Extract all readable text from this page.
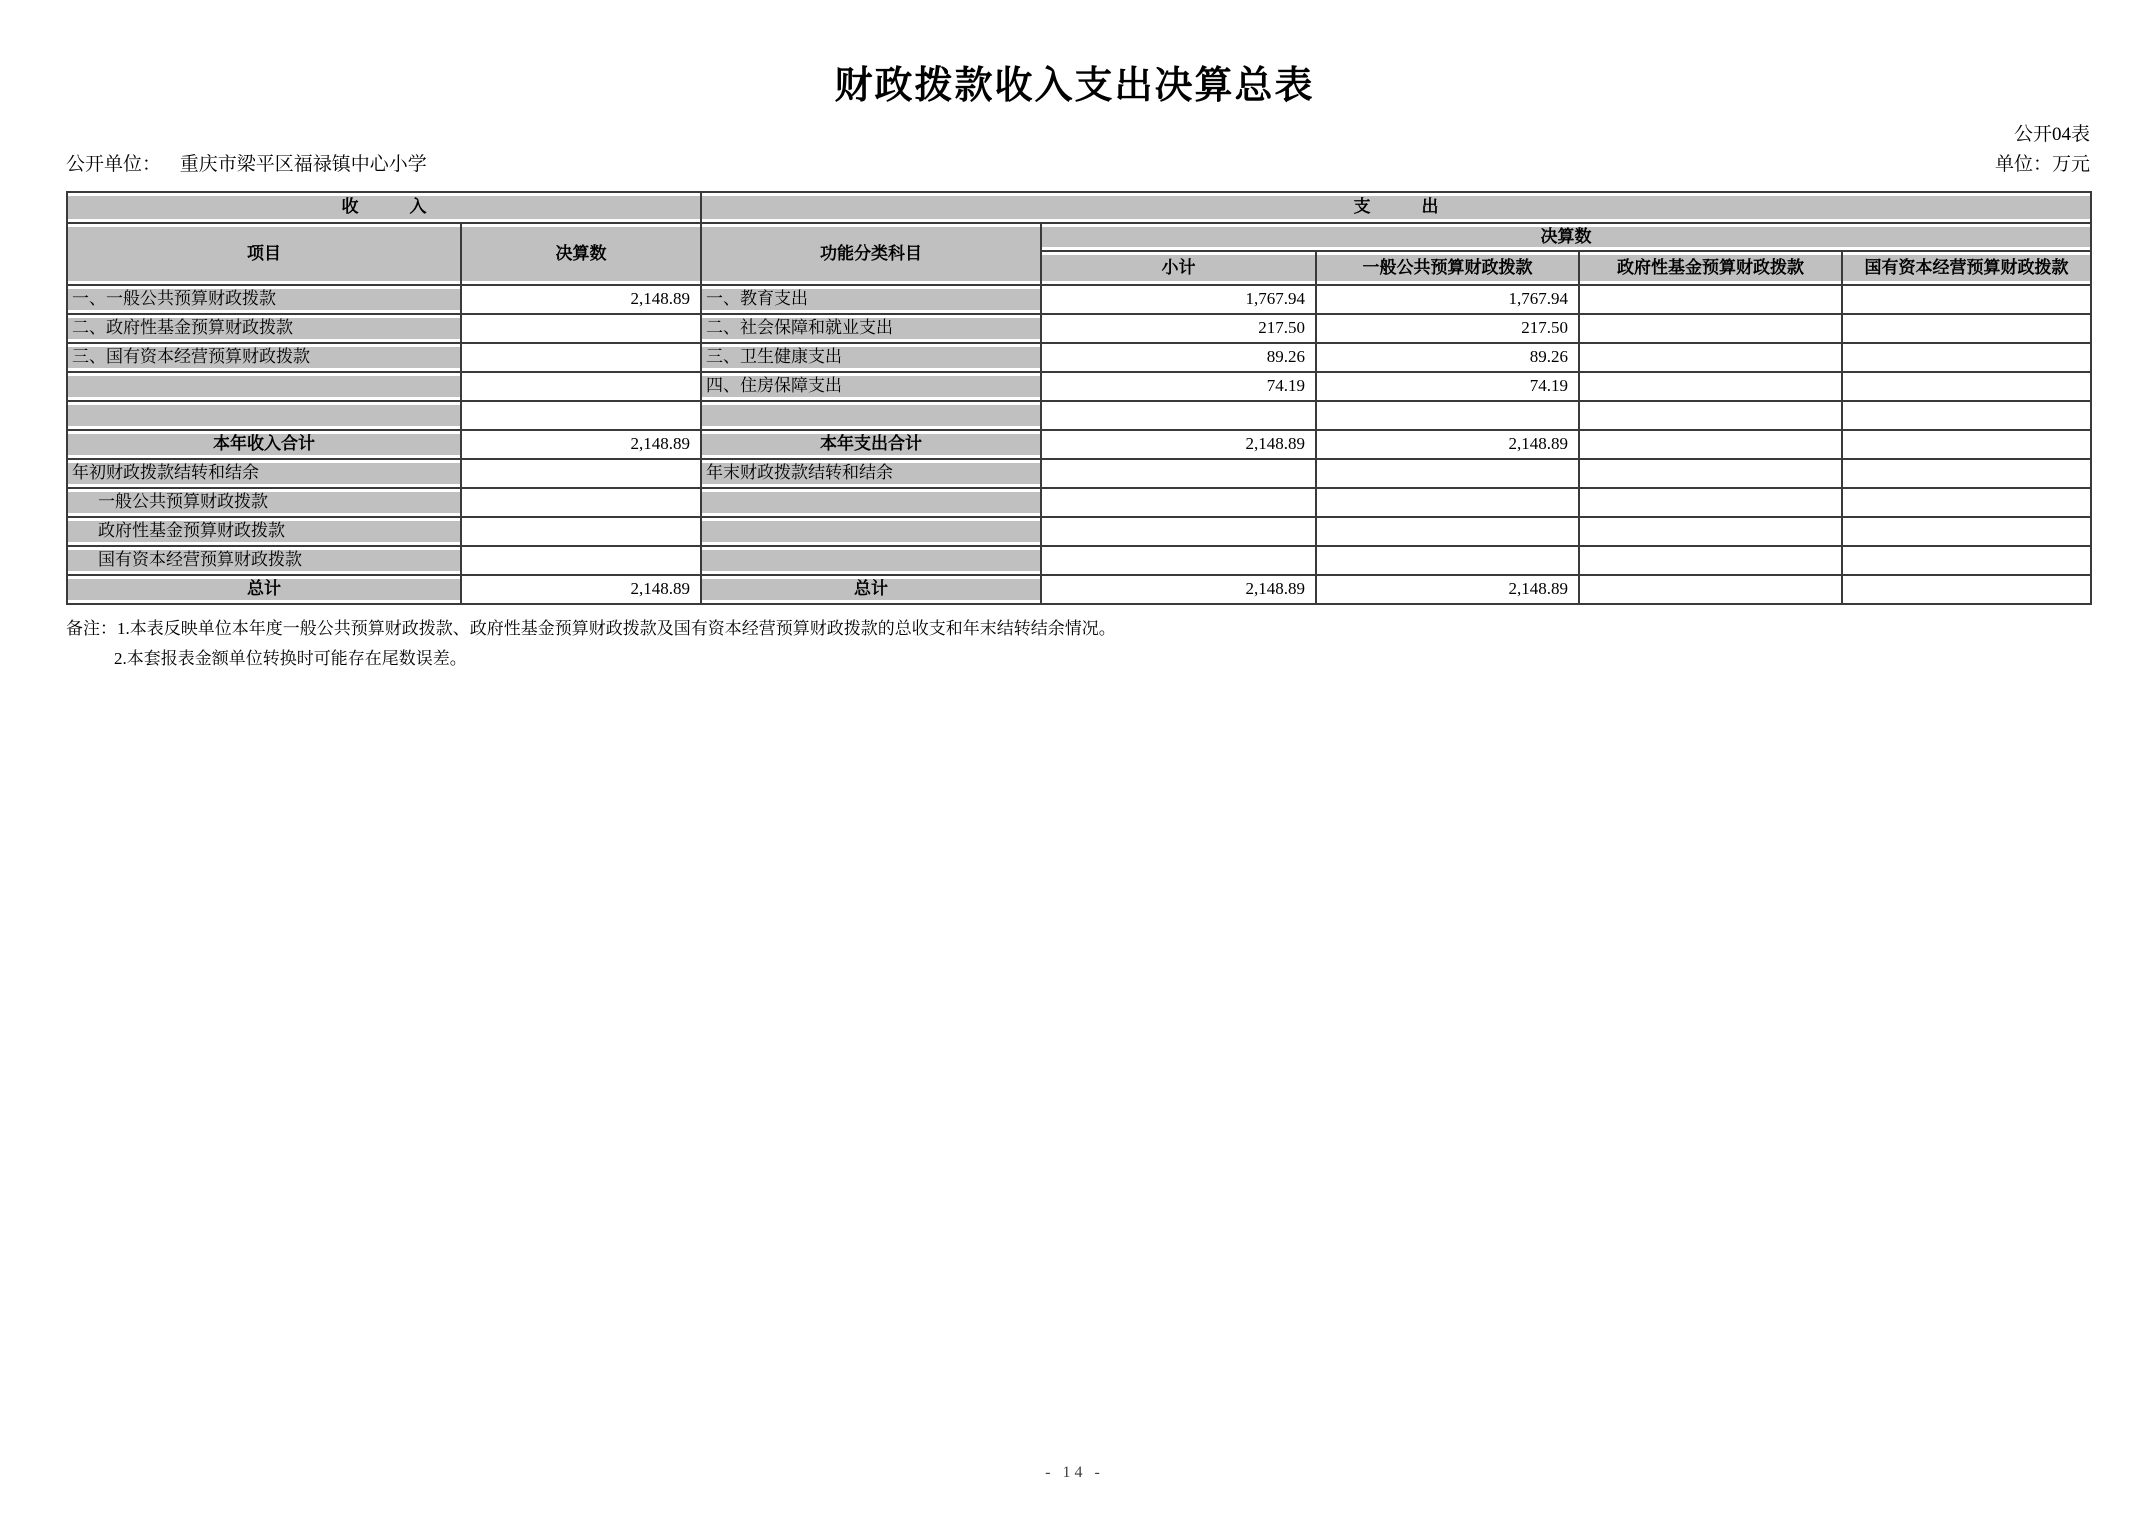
财政拨款收入支出决算总表
公开04表
公开单位： 重庆市梁平区福禄镇中心小学	单位：万元
收　　　入		支　　　出				
项目	决算数	功能分类科目	决算数			
			小计	一般公共预算财政拨款	政府性基金预算财政拨款	国有资本经营预算财政拨款
一、一般公共预算财政拨款	2,148.89	一、教育支出	1,767.94	1,767.94		
二、政府性基金预算财政拨款		二、社会保障和就业支出	217.50	217.50		
三、国有资本经营预算财政拨款		三、卫生健康支出	89.26	89.26		
		四、住房保障支出	74.19	74.19		

本年收入合计	2,148.89	本年支出合计	2,148.89	2,148.89		
年初财政拨款结转和结余		年末财政拨款结转和结余				
一般公共预算财政拨款						
政府性基金预算财政拨款						
国有资本经营预算财政拨款						
总计	2,148.89	总计	2,148.89	2,148.89		
备注：1.本表反映单位本年度一般公共预算财政拨款、政府性基金预算财政拨款及国有资本经营预算财政拨款的总收支和年末结转结余情况。
2.本套报表金额单位转换时可能存在尾数误差。
- 14 -
